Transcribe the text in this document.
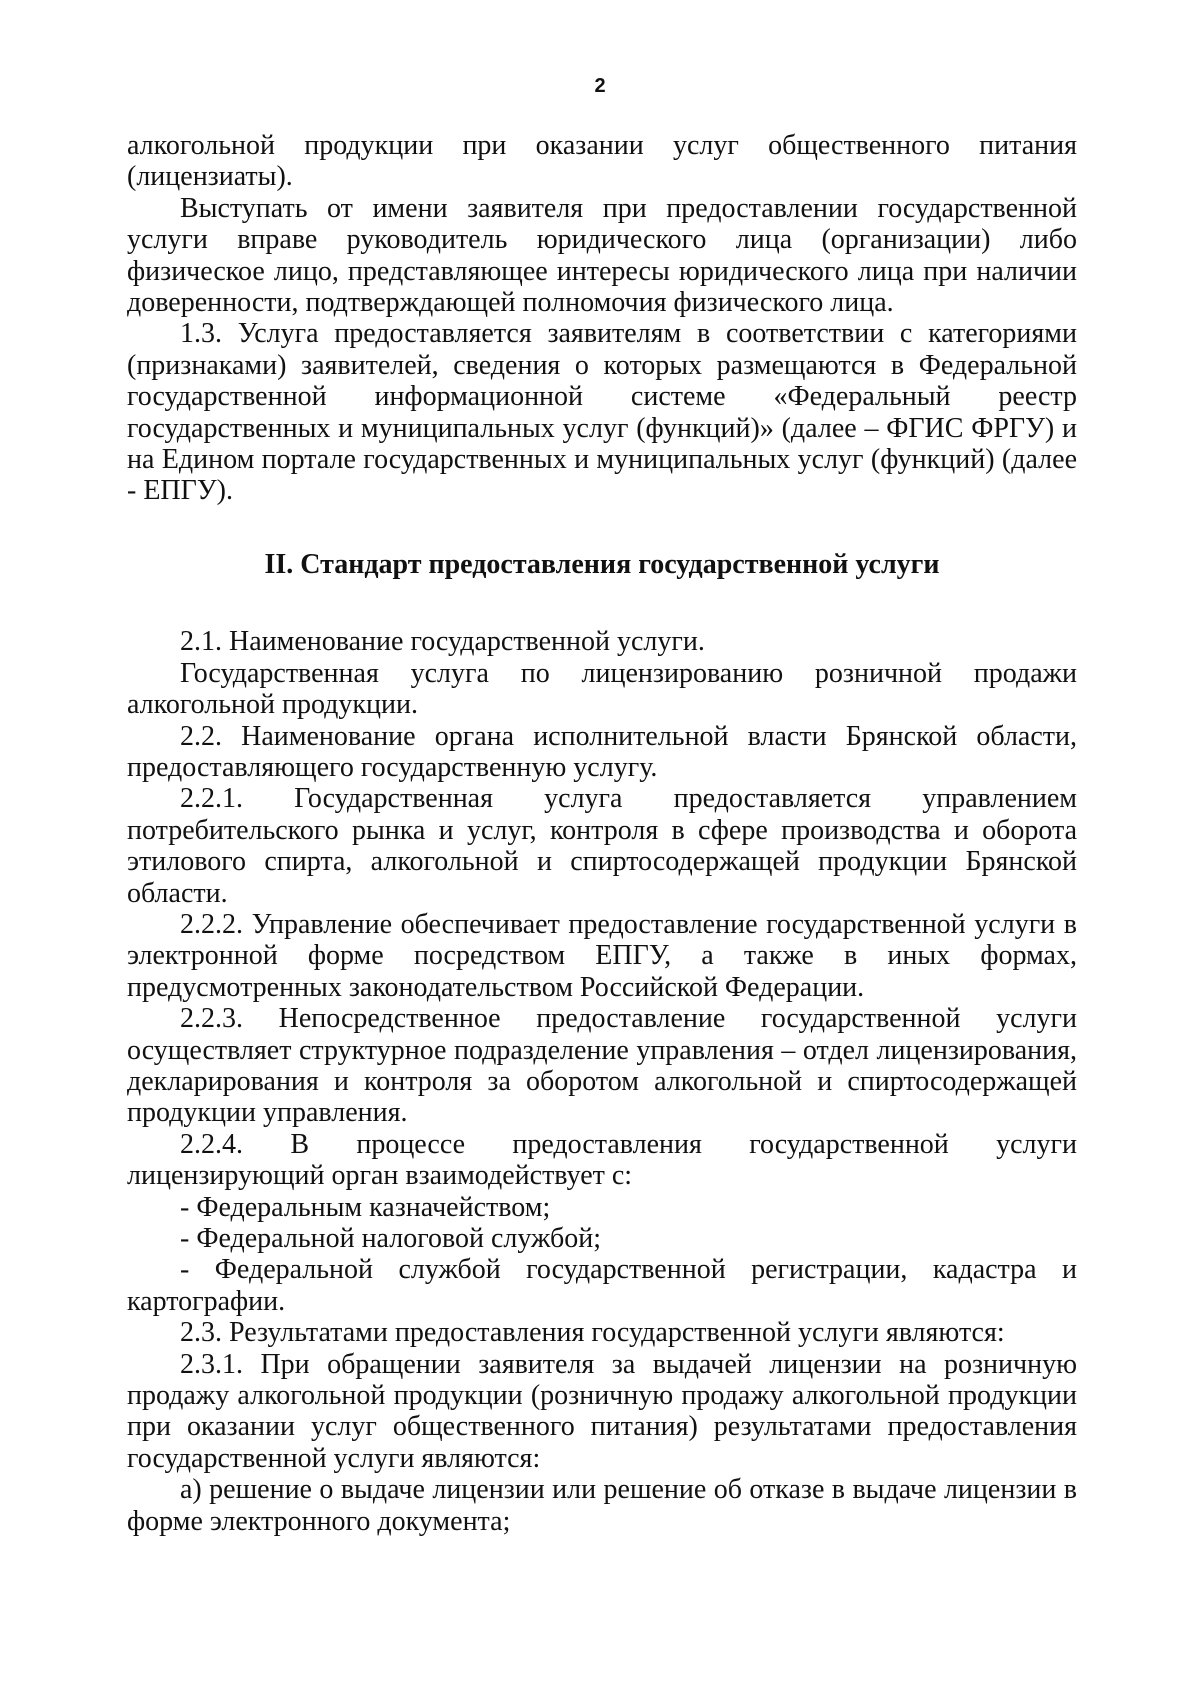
2

алкогольной продукции при оказании услуг общественного питания (лицензиаты).

Выступать от имени заявителя при предоставлении государственной услуги вправе руководитель юридического лица (организации) либо физическое лицо, представляющее интересы юридического лица при наличии доверенности, подтверждающей полномочия физического лица.

1.3. Услуга предоставляется заявителям в соответствии с категориями (признаками) заявителей, сведения о которых размещаются в Федеральной государственной информационной системе «Федеральный реестр государственных и муниципальных услуг (функций)» (далее – ФГИС ФРГУ) и на Едином портале государственных и муниципальных услуг (функций) (далее - ЕПГУ).

II. Стандарт предоставления государственной услуги

2.1. Наименование государственной услуги.

Государственная услуга по лицензированию розничной продажи алкогольной продукции.

2.2. Наименование органа исполнительной власти Брянской области, предоставляющего государственную услугу.

2.2.1. Государственная услуга предоставляется управлением потребительского рынка и услуг, контроля в сфере производства и оборота этилового спирта, алкогольной и спиртосодержащей продукции Брянской области.

2.2.2. Управление обеспечивает предоставление государственной услуги в электронной форме посредством ЕПГУ, а также в иных формах, предусмотренных законодательством Российской Федерации.

2.2.3. Непосредственное предоставление государственной услуги осуществляет структурное подразделение управления – отдел лицензирования, декларирования и контроля за оборотом алкогольной и спиртосодержащей продукции управления.

2.2.4. В процессе предоставления государственной услуги лицензирующий орган взаимодействует с:

- Федеральным казначейством;

- Федеральной налоговой службой;

- Федеральной службой государственной регистрации, кадастра и картографии.

2.3. Результатами предоставления государственной услуги являются:

2.3.1. При обращении заявителя за выдачей лицензии на розничную продажу алкогольной продукции (розничную продажу алкогольной продукции при оказании услуг общественного питания) результатами предоставления государственной услуги являются:

а) решение о выдаче лицензии или решение об отказе в выдаче лицензии в форме электронного документа;
